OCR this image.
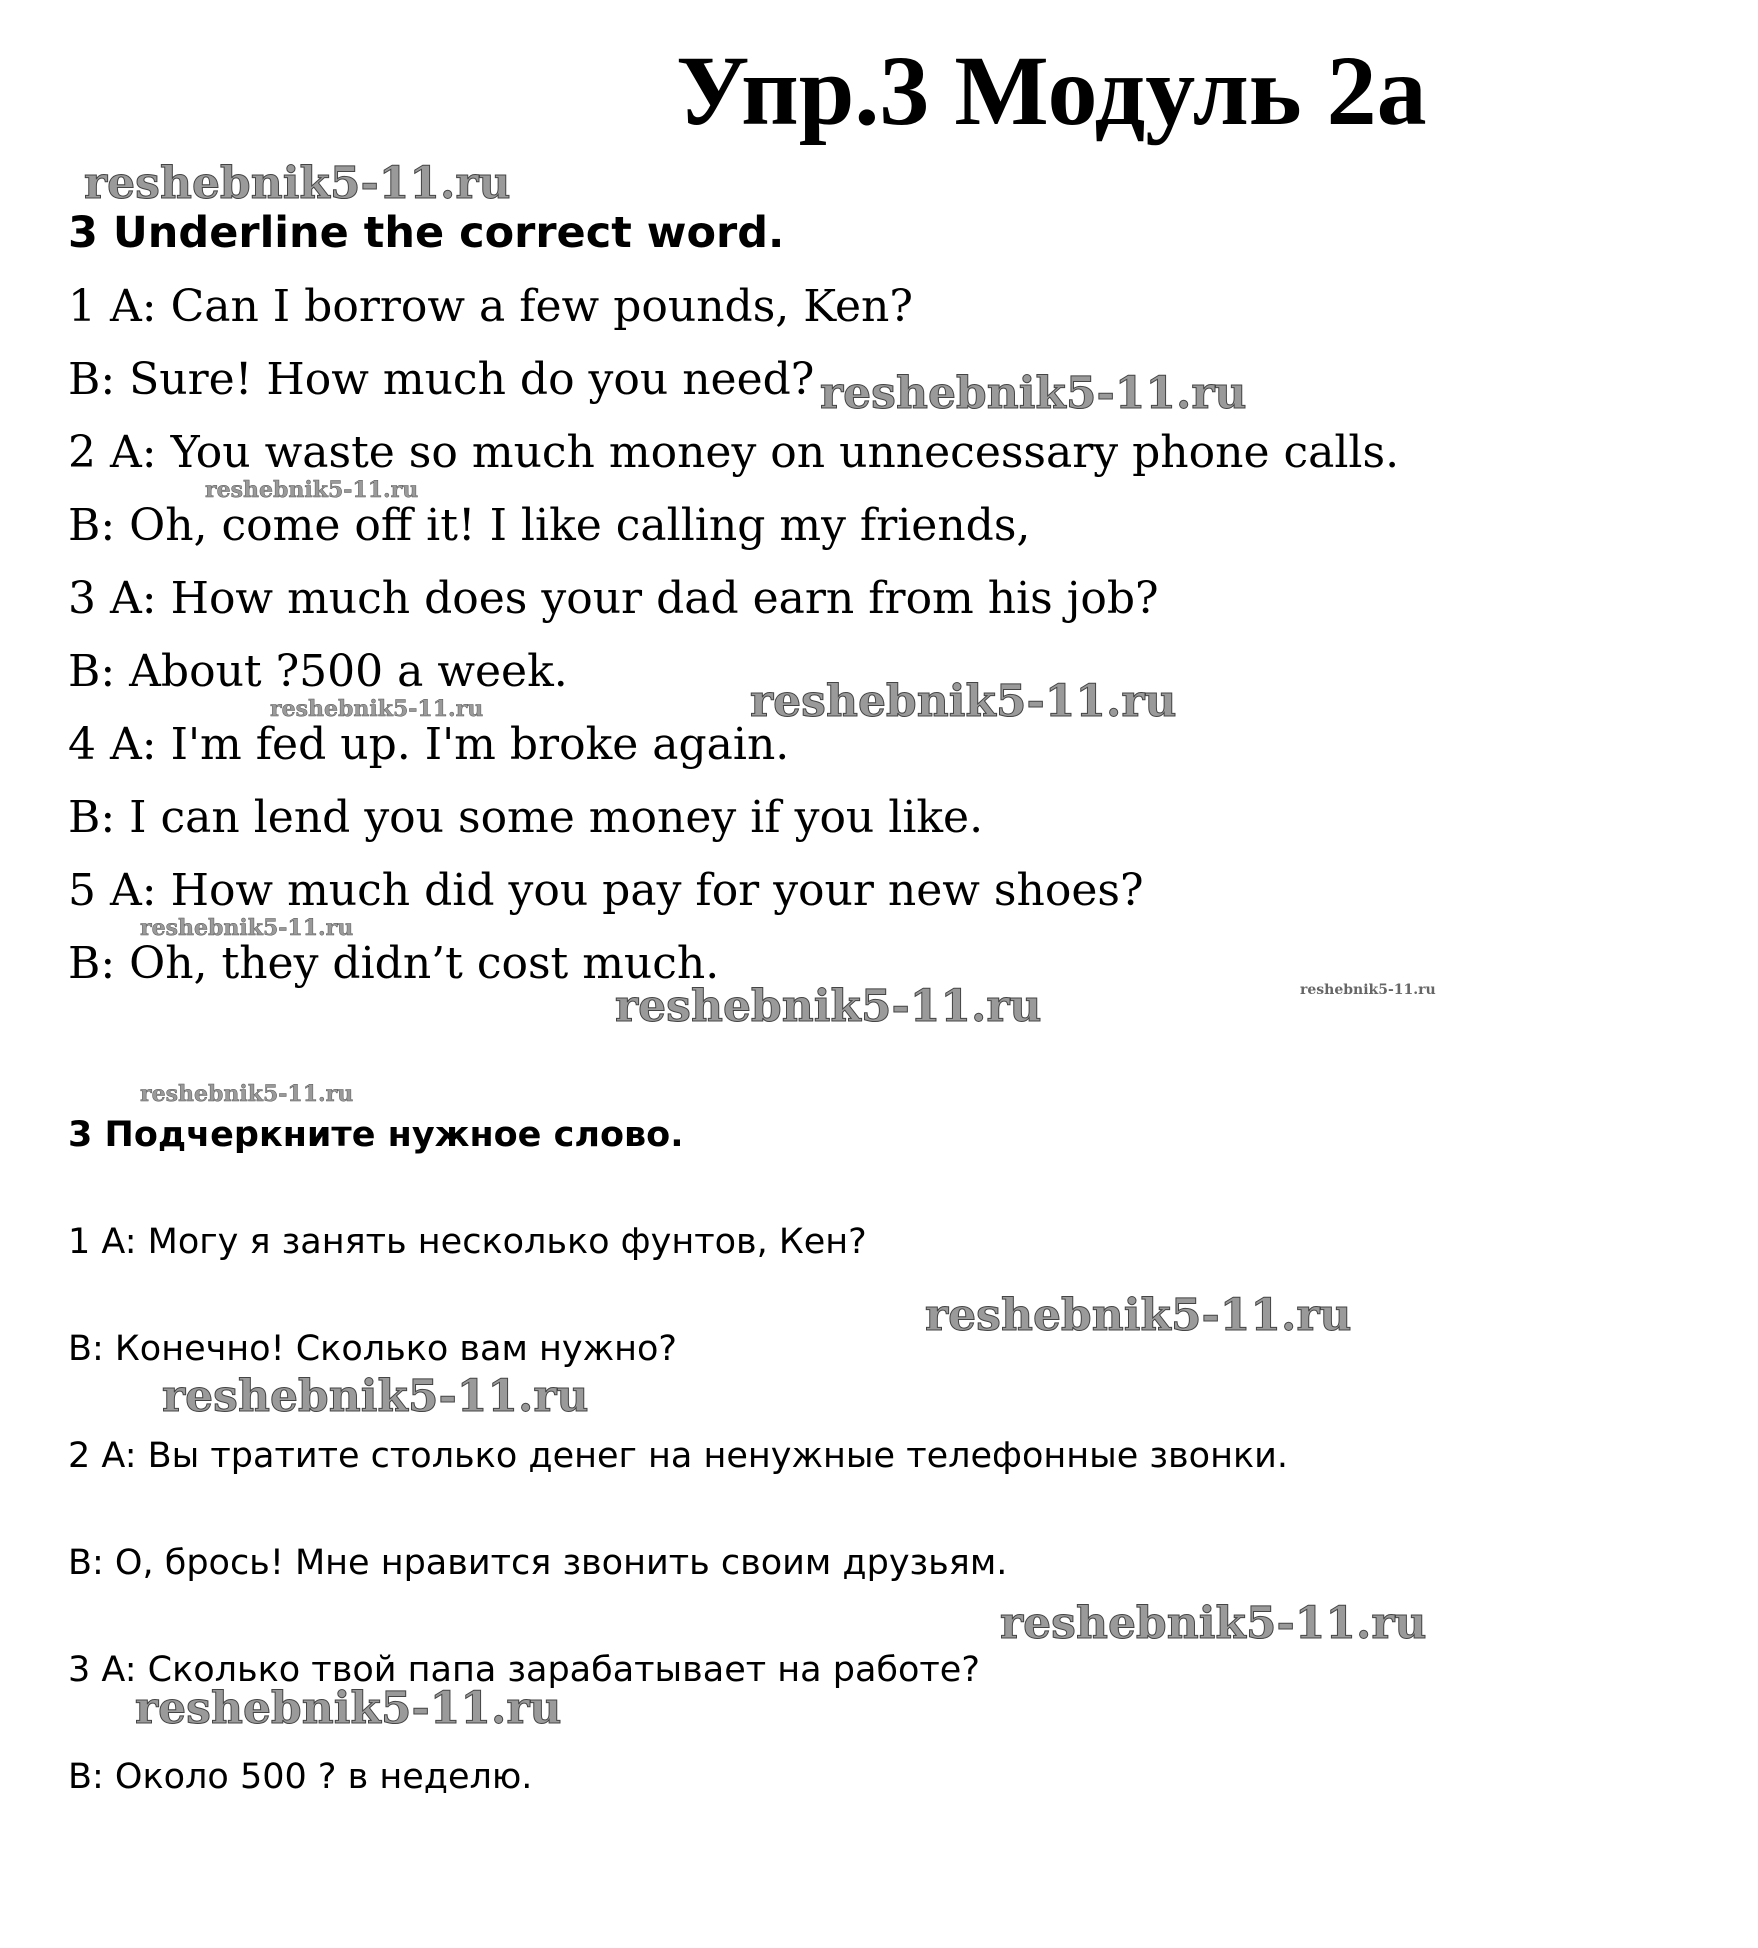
Упр.3 Модуль 2a
3 Underline the correct word.
1 A: Can I borrow a few pounds, Ken?
B: Sure! How much do you need?
2 A: You waste so much money on unnecessary phone calls.
B: Oh, come off it! I like calling my friends,
3 A: How much does your dad earn from his job?
B: About ?500 a week.
4 A: I'm fed up. I'm broke again.
B: I can lend you some money if you like.
5 A: How much did you pay for your new shoes?
B: Oh, they didn’t cost much.
3 Подчеркните нужное слово.
1 A: Могу я занять несколько фунтов, Кен?
B: Конечно! Сколько вам нужно?
2 A: Вы тратите столько денег на ненужные телефонные звонки.
B: О, брось! Мне нравится звонить своим друзьям.
3 A: Сколько твой папа зарабатывает на работе?
B: Около 500 ? в неделю.
reshebnik5-11.ru
reshebnik5-11.ru
reshebnik5-11.ru
reshebnik5-11.ru
reshebnik5-11.ru
reshebnik5-11.ru
reshebnik5-11.ru	reshebnik5-11.ru
reshebnik5-11.ru
reshebnik5-11.ru
reshebnik5-11.ru
reshebnik5-11.ru
reshebnik5-11.ru
